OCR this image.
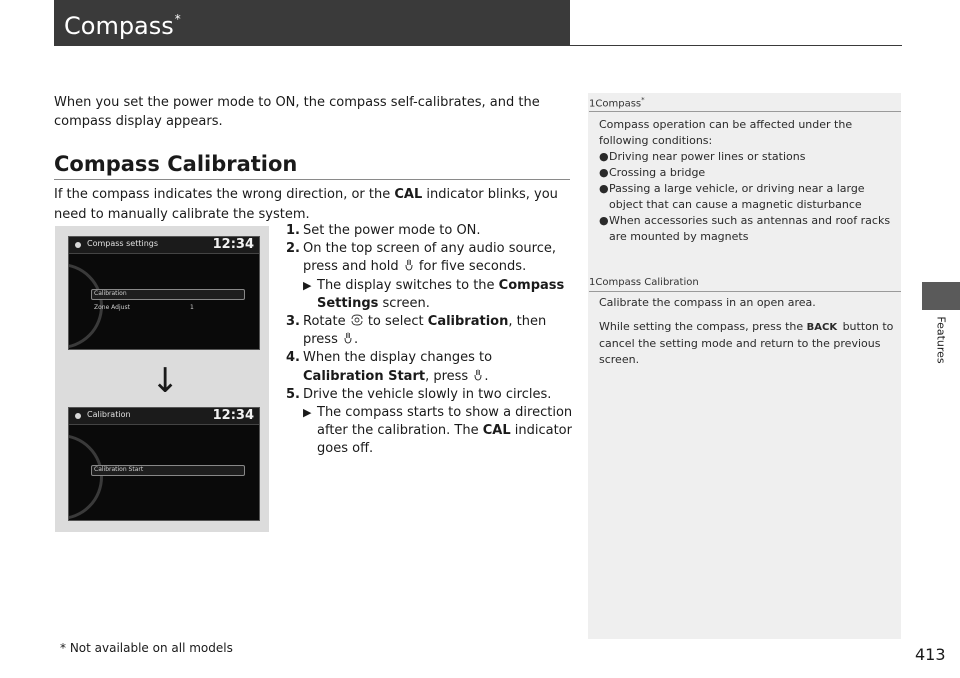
Compass*
Features
When you set the power mode to ON, the compass self-calibrates, and the compass display appears.
Compass Calibration
If the compass indicates the wrong direction, or the CAL indicator blinks, you need to manually calibrate the system.
Compass settings	12:34
Calibration
Zone Adjust	1
↓
Calibration	12:34
Calibration Start
1. Set the power mode to ON.
2. On the top screen of any audio source, press and hold  for five seconds.
▶ The display switches to the Compass Settings screen.
3. Rotate  to select Calibration, then press .
4. When the display changes to Calibration Start, press .
5. Drive the vehicle slowly in two circles.
▶ The compass starts to show a direction after the calibration. The CAL indicator goes off.
1Compass*
Compass operation can be affected under the following conditions:
● Driving near power lines or stations
● Crossing a bridge
● Passing a large vehicle, or driving near a large object that can cause a magnetic disturbance
● When accessories such as antennas and roof racks are mounted by magnets
1Compass Calibration
Calibrate the compass in an open area.
While setting the compass, press the BACK button to cancel the setting mode and return to the previous screen.
* Not available on all models	413
